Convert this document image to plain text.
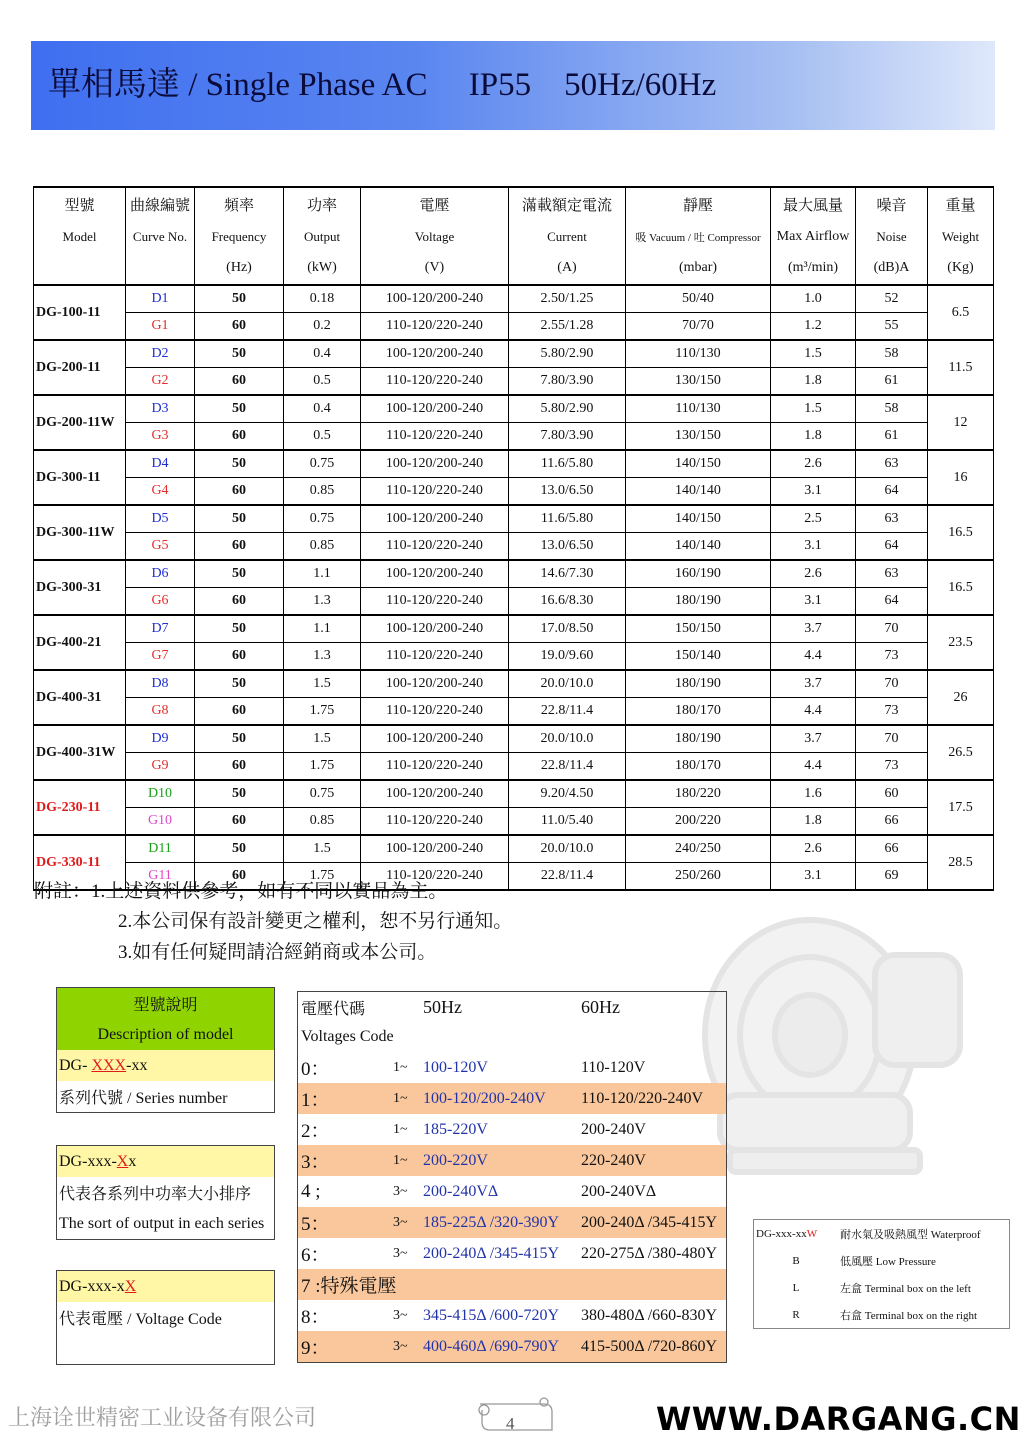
單相馬達 / Single Phase AC     IP55    50Hz/60Hz
型號	曲線編號	頻率	功率	電壓	滿載額定電流	靜壓	最大風量	噪音	重量
Model	Curve No.	Frequency	Output	Voltage	Current	吸 Vacuum / 吐 Compressor	Max Airflow	Noise	Weight
		(Hz)	(kW)	(V)	(A)	(mbar)	(m³/min)	(dB)A	(Kg)
DG-100-11	D1	50	0.18	100-120/200-240	2.50/1.25	50/40	1.0	52	6.5
	G1	60	0.2	110-120/220-240	2.55/1.28	70/70	1.2	55	
DG-200-11	D2	50	0.4	100-120/200-240	5.80/2.90	110/130	1.5	58	11.5
	G2	60	0.5	110-120/220-240	7.80/3.90	130/150	1.8	61	
DG-200-11W	D3	50	0.4	100-120/200-240	5.80/2.90	110/130	1.5	58	12
	G3	60	0.5	110-120/220-240	7.80/3.90	130/150	1.8	61	
DG-300-11	D4	50	0.75	100-120/200-240	11.6/5.80	140/150	2.6	63	16
	G4	60	0.85	110-120/220-240	13.0/6.50	140/140	3.1	64	
DG-300-11W	D5	50	0.75	100-120/200-240	11.6/5.80	140/150	2.5	63	16.5
	G5	60	0.85	110-120/220-240	13.0/6.50	140/140	3.1	64	
DG-300-31	D6	50	1.1	100-120/200-240	14.6/7.30	160/190	2.6	63	16.5
	G6	60	1.3	110-120/220-240	16.6/8.30	180/190	3.1	64	
DG-400-21	D7	50	1.1	100-120/200-240	17.0/8.50	150/150	3.7	70	23.5
	G7	60	1.3	110-120/220-240	19.0/9.60	150/140	4.4	73	
DG-400-31	D8	50	1.5	100-120/200-240	20.0/10.0	180/190	3.7	70	26
	G8	60	1.75	110-120/220-240	22.8/11.4	180/170	4.4	73	
DG-400-31W	D9	50	1.5	100-120/200-240	20.0/10.0	180/190	3.7	70	26.5
	G9	60	1.75	110-120/220-240	22.8/11.4	180/170	4.4	73	
DG-230-11	D10	50	0.75	100-120/200-240	9.20/4.50	180/220	1.6	60	17.5
	G10	60	0.85	110-120/220-240	11.0/5.40	200/220	1.8	66	
DG-330-11	D11	50	1.5	100-120/200-240	20.0/10.0	240/250	2.6	66	28.5
	G11	60	1.75	110-120/220-240	22.8/11.4	250/260	3.1	69	
附註：1.上述資料供參考，如有不同以實品為主。
2.本公司保有設計變更之權利，恕不另行通知。
3.如有任何疑問請洽經銷商或本公司。
型號說明
Description of model
DG- XXX-xx
系列代號 / Series number
DG-xxx-Xx
代表各系列中功率大小排序
The sort of output in each series
DG-xxx-xX
代表電壓 / Voltage Code

電壓代碼		50Hz	60Hz
Voltages Code			
0：	1~	100-120V	110-120V
1：	1~	100-120/200-240V	110-120/220-240V
2：	1~	185-220V	200-240V
3：	1~	200-220V	220-240V
4 ;	3~	200-240VΔ	200-240VΔ
5：	3~	185-225Δ /320-390Y	200-240Δ /345-415Y
6：	3~	200-240Δ /345-415Y	220-275Δ /380-480Y
7 :特殊電壓			
8：	3~	345-415Δ /600-720Y	380-480Δ /660-830Y
9：	3~	400-460Δ /690-790Y	415-500Δ /720-860Y
DG-xxx-xxW	耐水氣及吸熱風型 Waterproof
B	低風壓 Low Pressure
L	左盒 Terminal box on the left
R	右盒 Terminal box on the right
上海诠世精密工业设备有限公司	4	WWW.DARGANG.CN
